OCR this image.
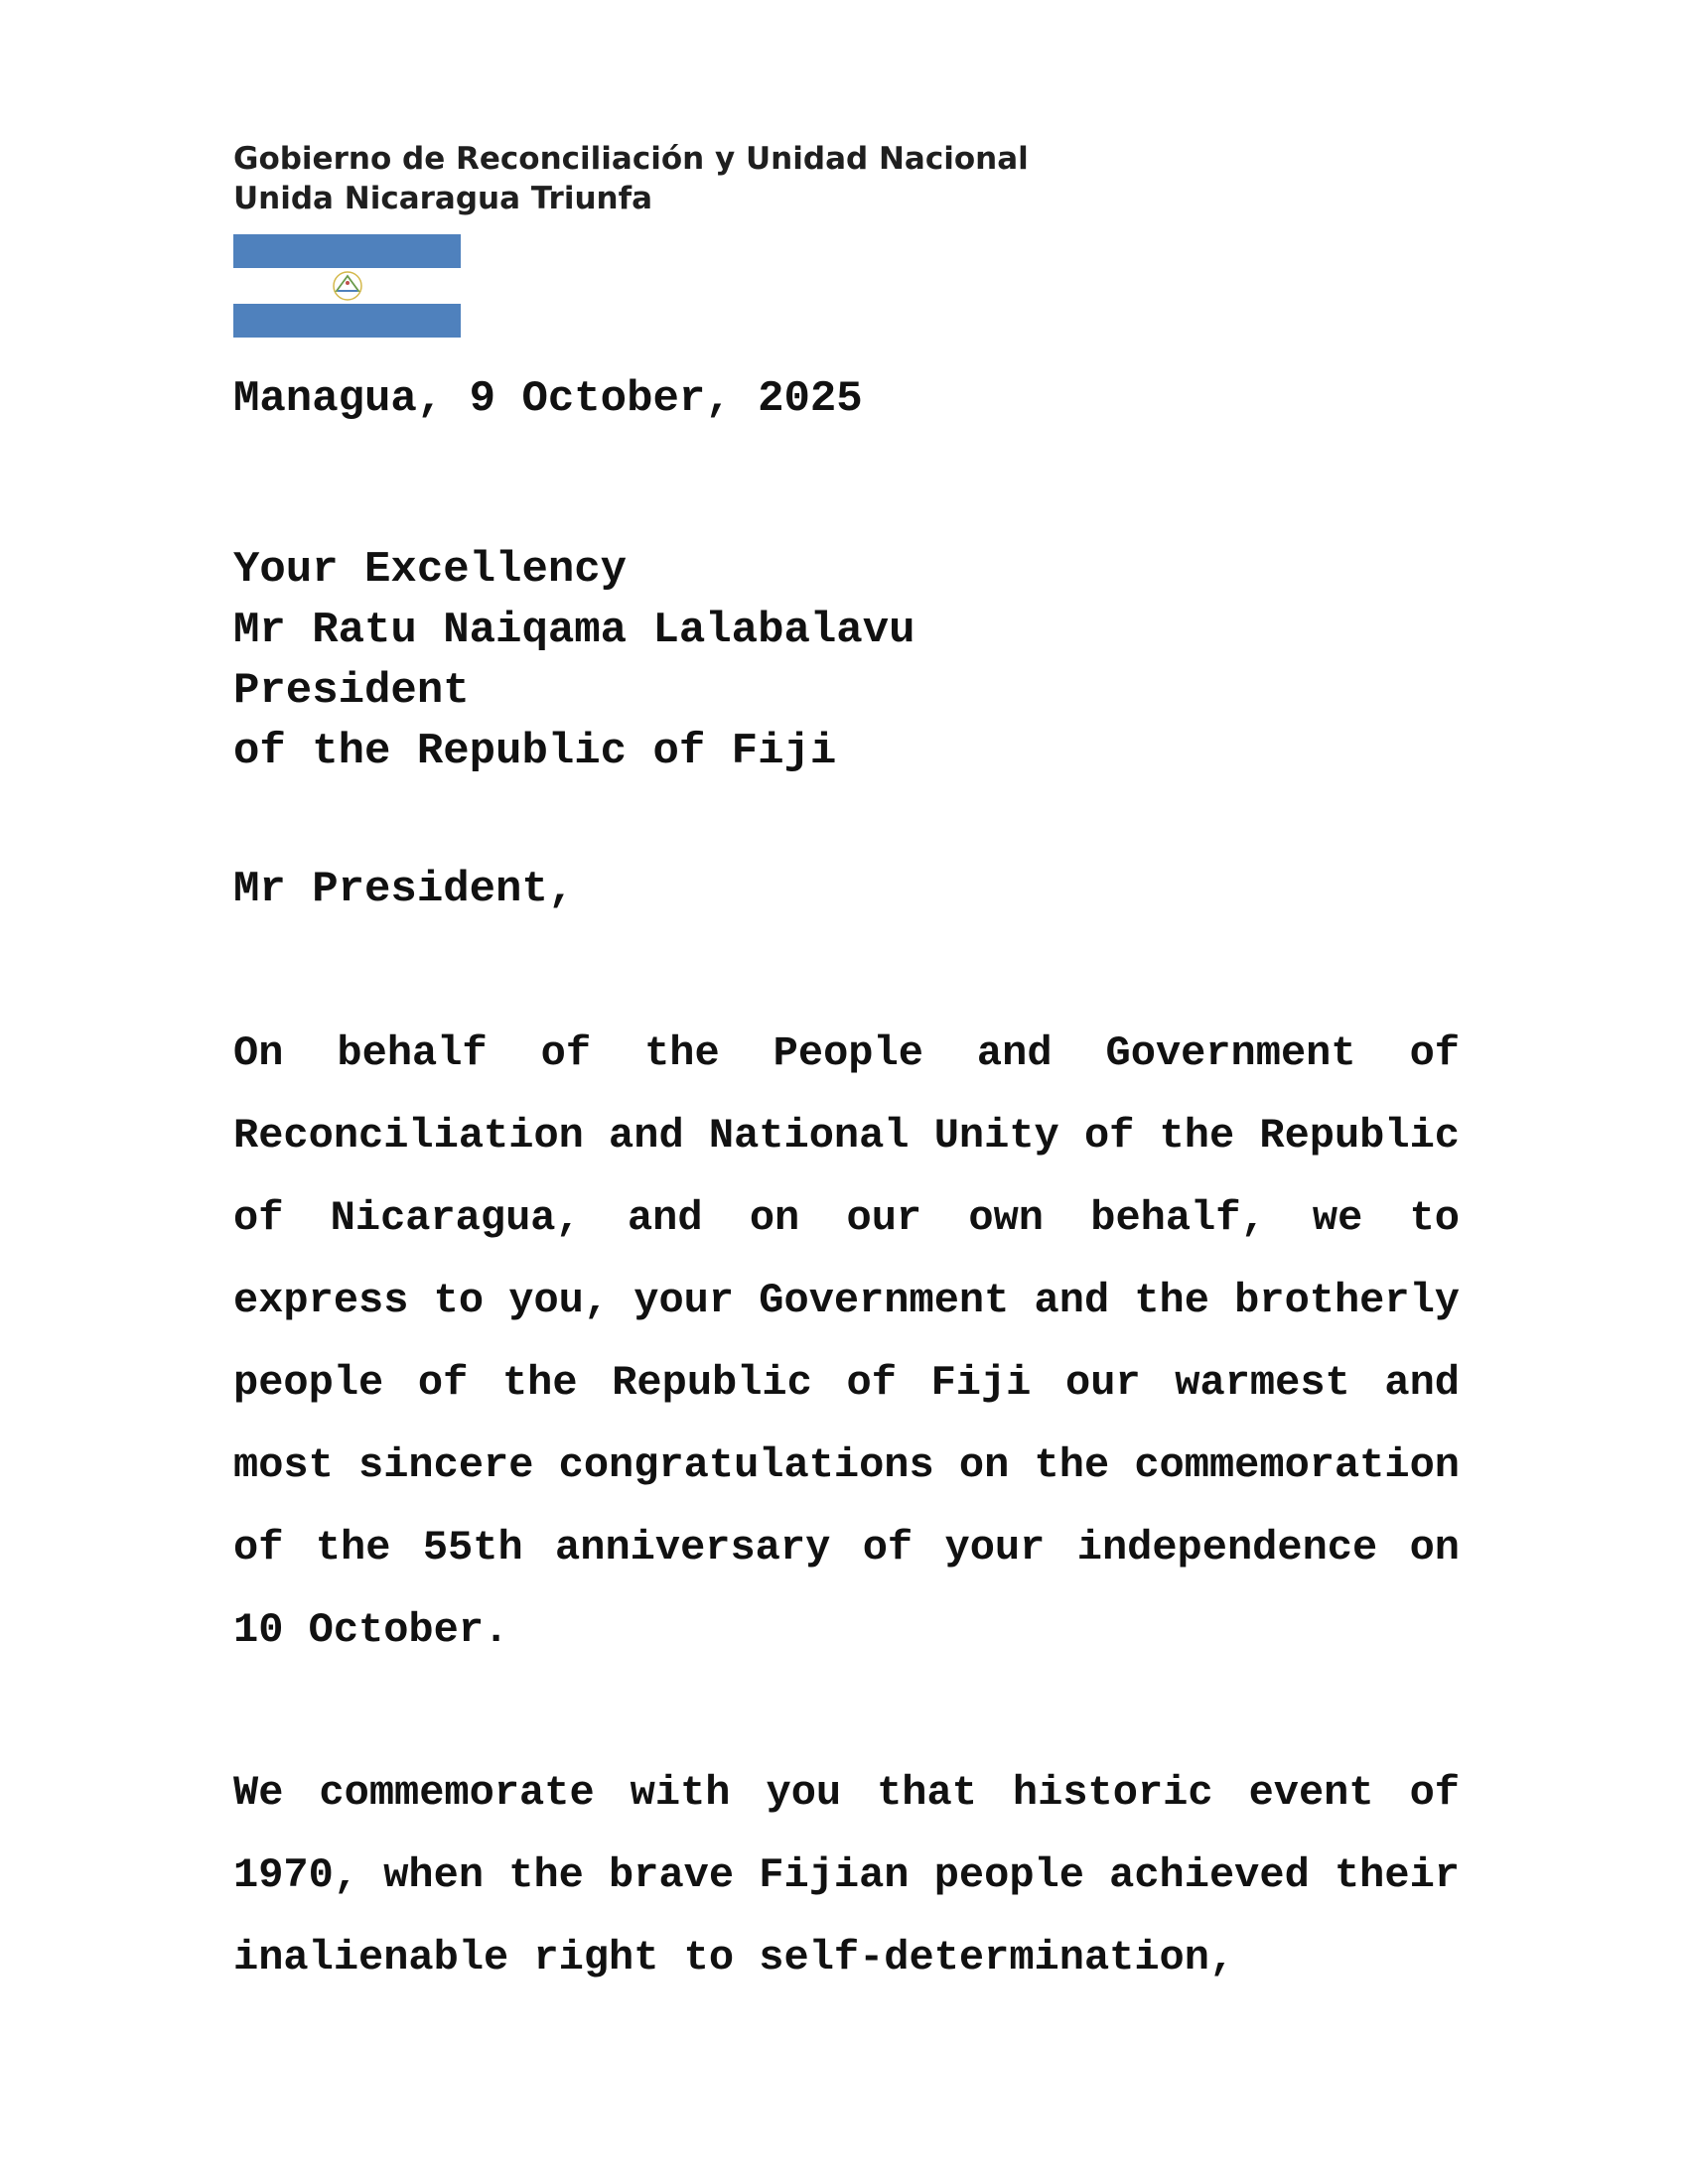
Gobierno de Reconciliación y Unidad Nacional
Unida Nicaragua Triunfa
Managua, 9 October, 2025
Your Excellency
Mr Ratu Naiqama Lalabalavu
President
of the Republic of Fiji
Mr President,

On behalf of the People and Government of Reconciliation and National Unity of the Republic of Nicaragua, and on our own behalf, we to express to you, your Government and the brotherly people of the Republic of Fiji our warmest and most sincere congratulations on the commemoration of the 55th anniversary of your independence on 10 October.

We commemorate with you that historic event of 1970, when the brave Fijian people achieved their inalienable right to self-determination,
